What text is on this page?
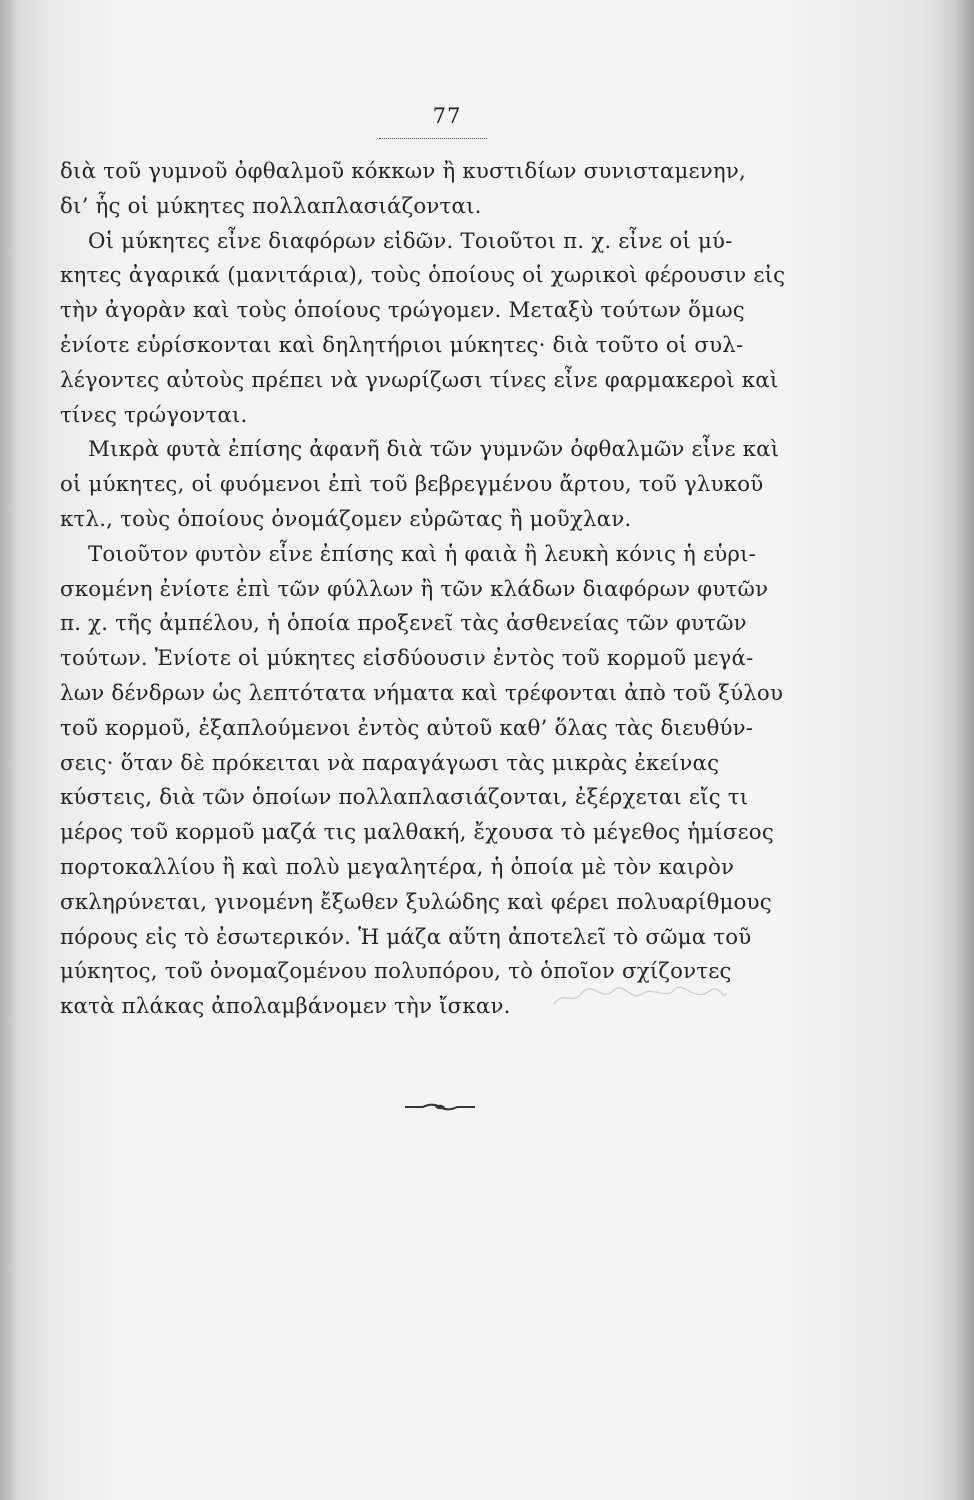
77
διὰ τοῦ γυμνοῦ ὀφθαλμοῦ κόκκων ἢ κυστιδίων συνισταμενην,
δι’ ἧς οἱ μύκητες πολλαπλασιάζονται.
Οἱ μύκητες εἶνε διαφόρων εἰδῶν. Τοιοῦτοι π. χ. εἶνε οἱ μύ-
κητες ἀγαρικά (μανιτάρια), τοὺς ὁποίους οἱ χωρικοὶ φέρουσιν εἰς
τὴν ἀγορὰν καὶ τοὺς ὁποίους τρώγομεν. Μεταξὺ τούτων ὅμως
ἐνίοτε εὑρίσκονται καὶ δηλητήριοι μύκητες· διὰ τοῦτο οἱ συλ-
λέγοντες αὐτοὺς πρέπει νὰ γνωρίζωσι τίνες εἶνε φαρμακεροὶ καὶ
τίνες τρώγονται.
Μικρὰ φυτὰ ἐπίσης ἀφανῆ διὰ τῶν γυμνῶν ὀφθαλμῶν εἶνε καὶ
οἱ μύκητες, οἱ φυόμενοι ἐπὶ τοῦ βεβρεγμένου ἄρτου, τοῦ γλυκοῦ
κτλ., τοὺς ὁποίους ὀνομάζομεν εὐρῶτας ἢ μοῦχλαν.
Τοιοῦτον φυτὸν εἶνε ἐπίσης καὶ ἡ φαιὰ ἢ λευκὴ κόνις ἡ εὑρι-
σκομένη ἐνίοτε ἐπὶ τῶν φύλλων ἢ τῶν κλάδων διαφόρων φυτῶν
π. χ. τῆς ἀμπέλου, ἡ ὁποία προξενεῖ τὰς ἀσθενείας τῶν φυτῶν
τούτων. Ἐνίοτε οἱ μύκητες εἰσδύουσιν ἐντὸς τοῦ κορμοῦ μεγά-
λων δένδρων ὡς λεπτότατα νήματα καὶ τρέφονται ἀπὸ τοῦ ξύλου
τοῦ κορμοῦ, ἐξαπλούμενοι ἐντὸς αὐτοῦ καθ’ ὅλας τὰς διευθύν-
σεις· ὅταν δὲ πρόκειται νὰ παραγάγωσι τὰς μικρὰς ἐκείνας
κύστεις, διὰ τῶν ὁποίων πολλαπλασιάζονται, ἐξέρχεται εἴς τι
μέρος τοῦ κορμοῦ μαζά τις μαλθακή, ἔχουσα τὸ μέγεθος ἡμίσεος
πορτοκαλλίου ἢ καὶ πολὺ μεγαλητέρα, ἡ ὁποία μὲ τὸν καιρὸν
σκληρύνεται, γινομένη ἔξωθεν ξυλώδης καὶ φέρει πολυαρίθμους
πόρους εἰς τὸ ἐσωτερικόν. Ἡ μάζα αὕτη ἀποτελεῖ τὸ σῶμα τοῦ
μύκητος, τοῦ ὀνομαζομένου πολυπόρου, τὸ ὁποῖον σχίζοντες
κατὰ πλάκας ἀπολαμβάνομεν τὴν ἴσκαν.
